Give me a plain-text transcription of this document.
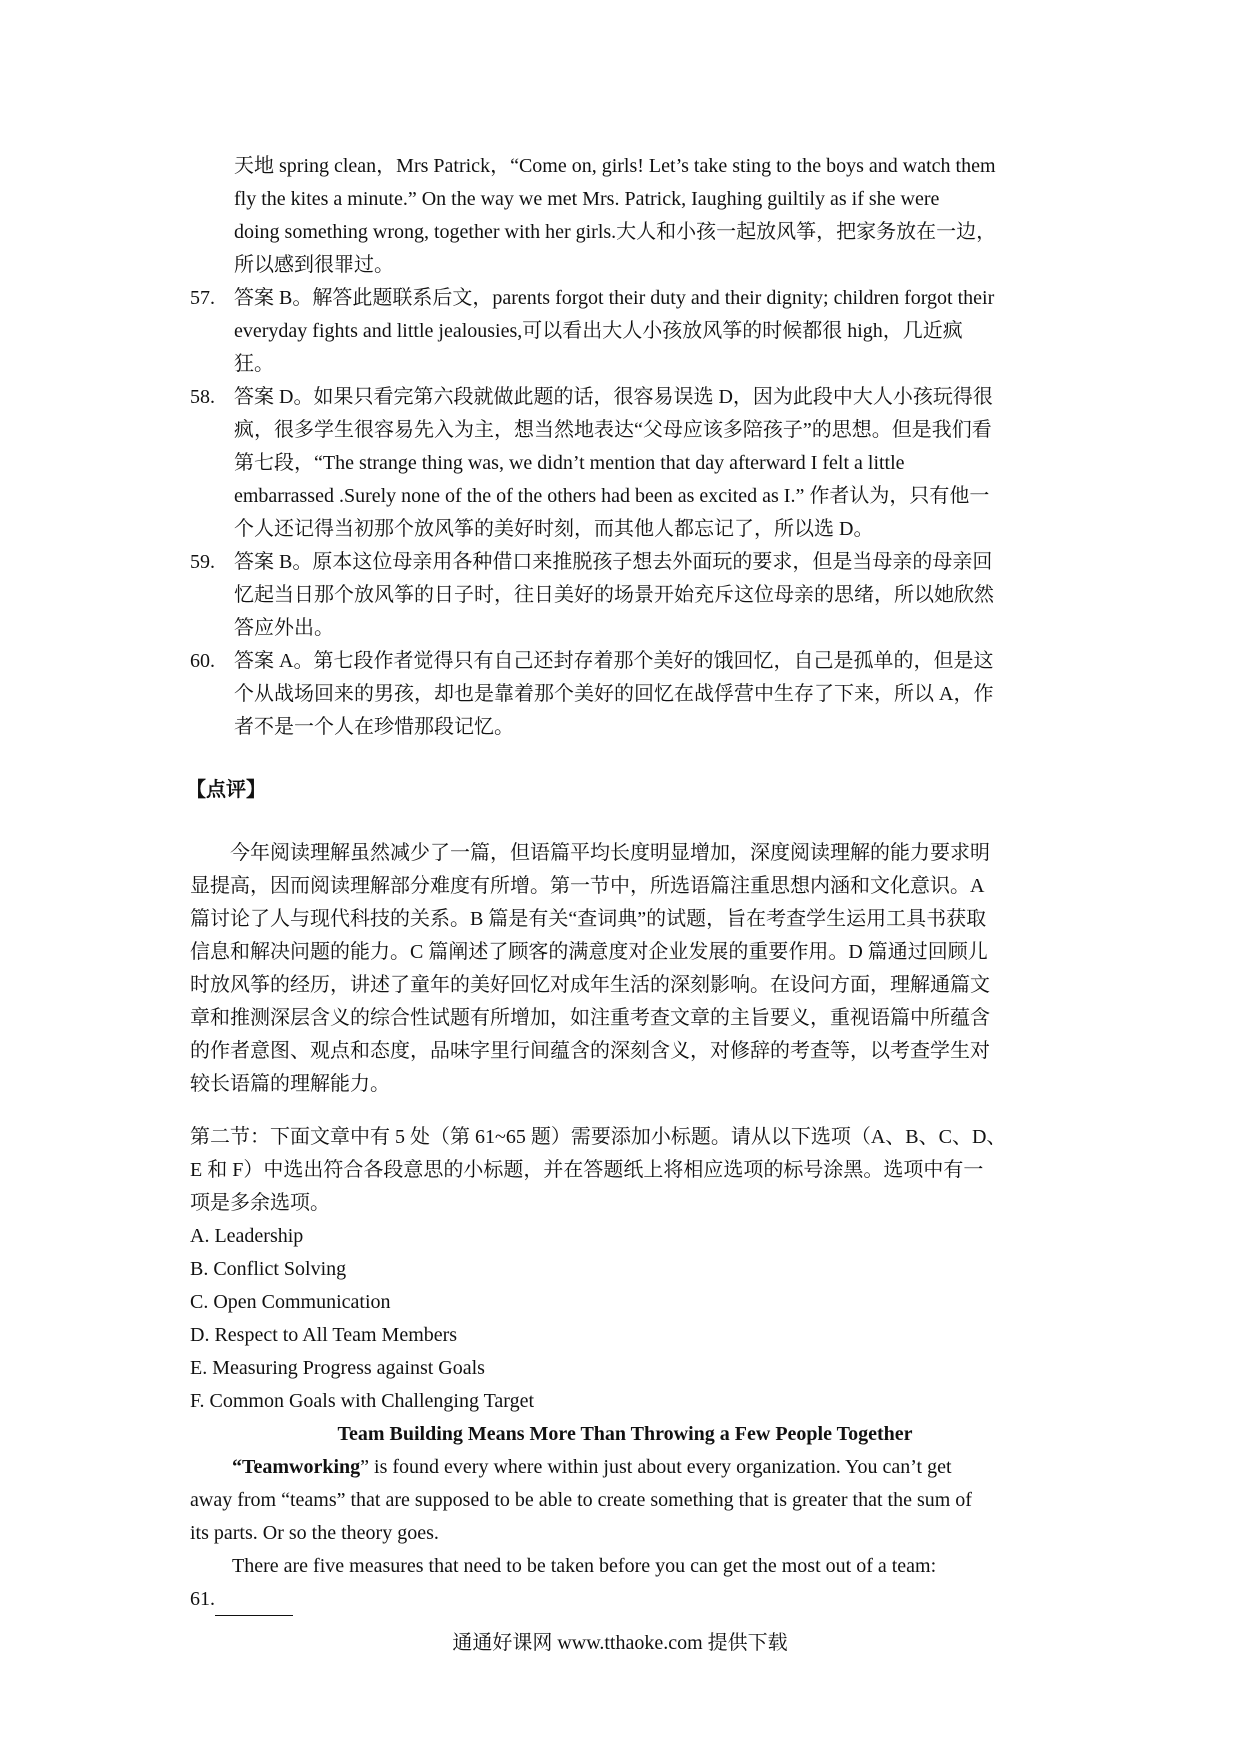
天地 spring clean，Mrs Patrick，“Come on, girls! Let’s take sting to the boys and watch them

fly the kites a minute.” On the way we met Mrs. Patrick, Iaughing guiltily as if she were

doing something wrong, together with her girls.大人和小孩一起放风筝，把家务放在一边，

所以感到很罪过。

57. 答案 B。解答此题联系后文，parents forgot their duty and their dignity; children forgot their

everyday fights and little jealousies,可以看出大人小孩放风筝的时候都很 high，几近疯

狂。

58. 答案 D。如果只看完第六段就做此题的话，很容易误选 D，因为此段中大人小孩玩得很

疯，很多学生很容易先入为主，想当然地表达“父母应该多陪孩子”的思想。但是我们看

第七段，“The strange thing was, we didn’t mention that day afterward I felt a little

embarrassed .Surely none of the of the others had been as excited as I.” 作者认为，只有他一

个人还记得当初那个放风筝的美好时刻，而其他人都忘记了，所以选 D。

59. 答案 B。原本这位母亲用各种借口来推脱孩子想去外面玩的要求，但是当母亲的母亲回

忆起当日那个放风筝的日子时，往日美好的场景开始充斥这位母亲的思绪，所以她欣然

答应外出。

60. 答案 A。第七段作者觉得只有自己还封存着那个美好的饿回忆，自己是孤单的，但是这

个从战场回来的男孩，却也是靠着那个美好的回忆在战俘营中生存了下来，所以 A，作

者不是一个人在珍惜那段记忆。

【点评】

今年阅读理解虽然减少了一篇，但语篇平均长度明显增加，深度阅读理解的能力要求明

显提高，因而阅读理解部分难度有所增。第一节中，所选语篇注重思想内涵和文化意识。A

篇讨论了人与现代科技的关系。B 篇是有关“查词典”的试题，旨在考查学生运用工具书获取

信息和解决问题的能力。C 篇阐述了顾客的满意度对企业发展的重要作用。D 篇通过回顾儿

时放风筝的经历，讲述了童年的美好回忆对成年生活的深刻影响。在设问方面，理解通篇文

章和推测深层含义的综合性试题有所增加，如注重考查文章的主旨要义，重视语篇中所蕴含

的作者意图、观点和态度，品味字里行间蕴含的深刻含义，对修辞的考查等，以考查学生对

较长语篇的理解能力。

第二节：下面文章中有 5 处（第 61~65 题）需要添加小标题。请从以下选项（A、B、C、D、

E 和 F）中选出符合各段意思的小标题，并在答题纸上将相应选项的标号涂黑。选项中有一

项是多余选项。

A. Leadership

B. Conflict Solving

C. Open Communication

D. Respect to All Team Members

E. Measuring Progress against Goals

F. Common Goals with Challenging Target

Team Building Means More Than Throwing a Few People Together

“Teamworking” is found every where within just about every organization. You can’t get

away from “teams” that are supposed to be able to create something that is greater that the sum of

its parts. Or so the theory goes.

There are five measures that need to be taken before you can get the most out of a team:

61.

通通好课网 www.tthaoke.com 提供下载
